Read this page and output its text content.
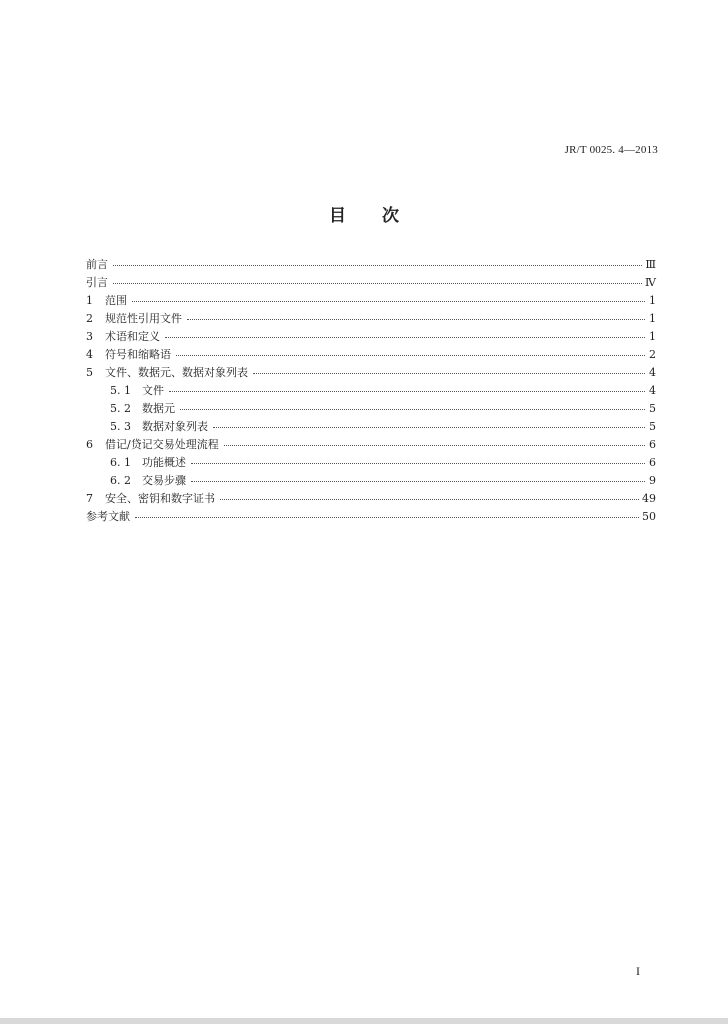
JR/T 0025. 4—2013
目次
前言	Ⅲ
引言	Ⅳ
1	范围	1
2	规范性引用文件	1
3	术语和定义	1
4	符号和缩略语	2
5	文件、数据元、数据对象列表	4
5. 1	文件	4
5. 2	数据元	5
5. 3	数据对象列表	5
6	借记/贷记交易处理流程	6
6. 1	功能概述	6
6. 2	交易步骤	9
7	安全、密钥和数字证书	49
参考文献	50
I
